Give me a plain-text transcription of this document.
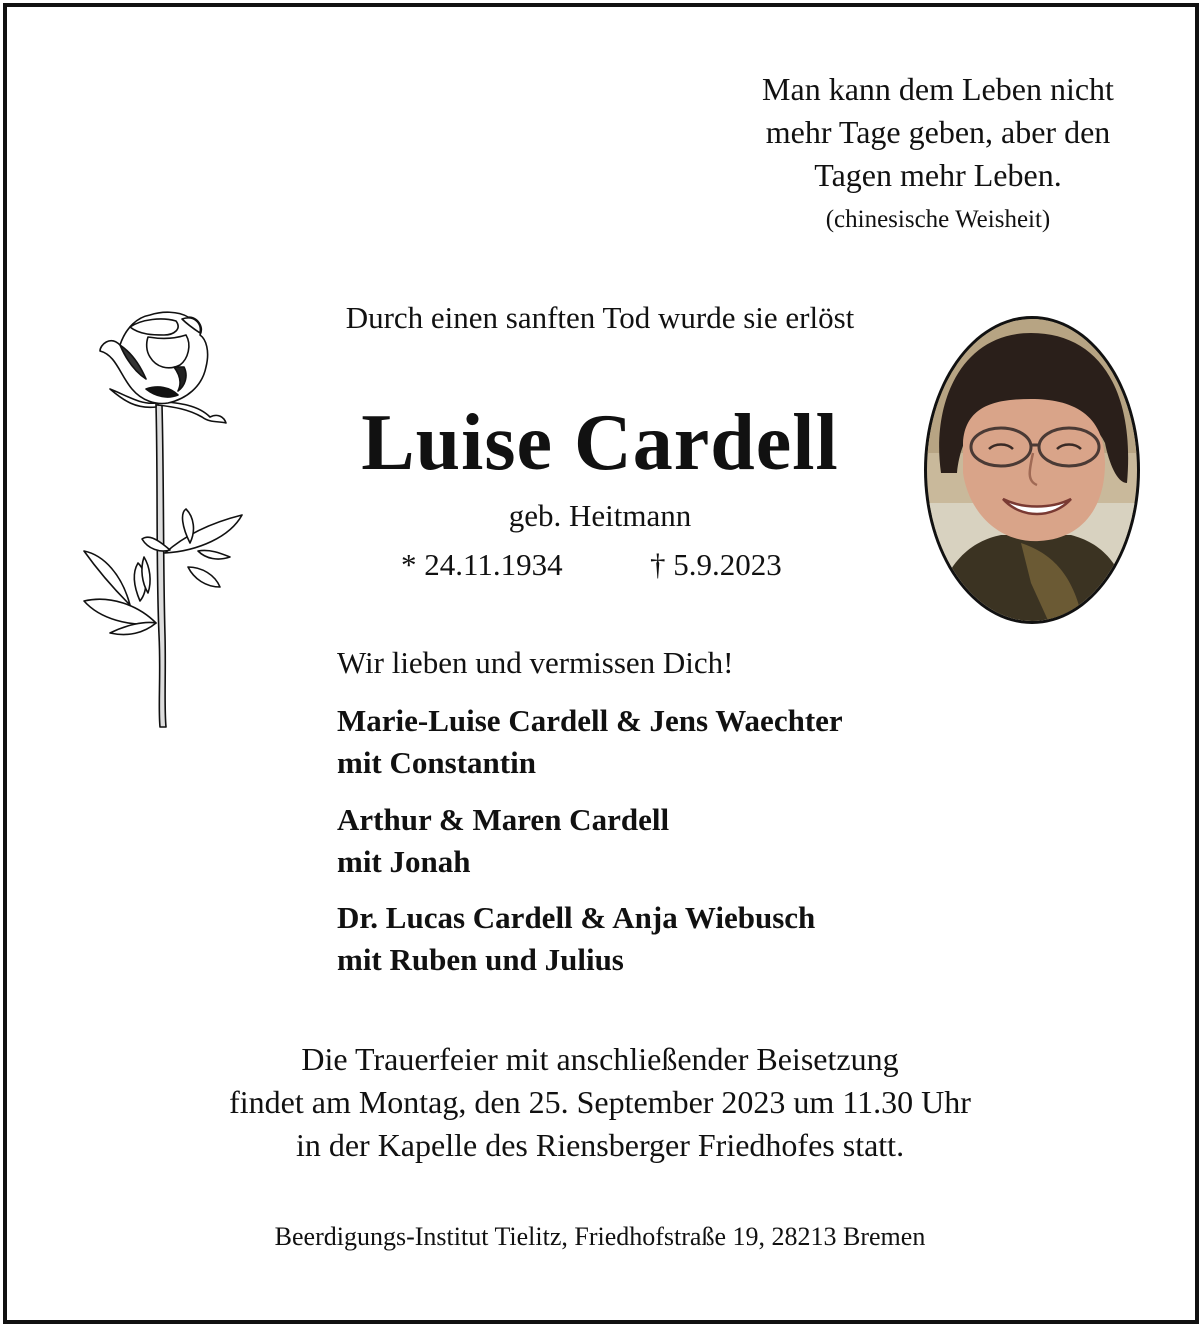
Man kann dem Leben nicht
mehr Tage geben, aber den
Tagen mehr Leben.
(chinesische Weisheit)
Durch einen sanften Tod wurde sie erlöst
Luise Cardell
geb. Heitmann
* 24.11.1934	† 5.9.2023
Wir lieben und vermissen Dich!
Marie-Luise Cardell & Jens Waechter
mit Constantin
Arthur & Maren Cardell
mit Jonah
Dr. Lucas Cardell & Anja Wiebusch
mit Ruben und Julius
Die Trauerfeier mit anschließender Beisetzung
findet am Montag, den 25. September 2023 um 11.30 Uhr
in der Kapelle des Riensberger Friedhofes statt.
Beerdigungs-Institut Tielitz, Friedhofstraße 19, 28213 Bremen
